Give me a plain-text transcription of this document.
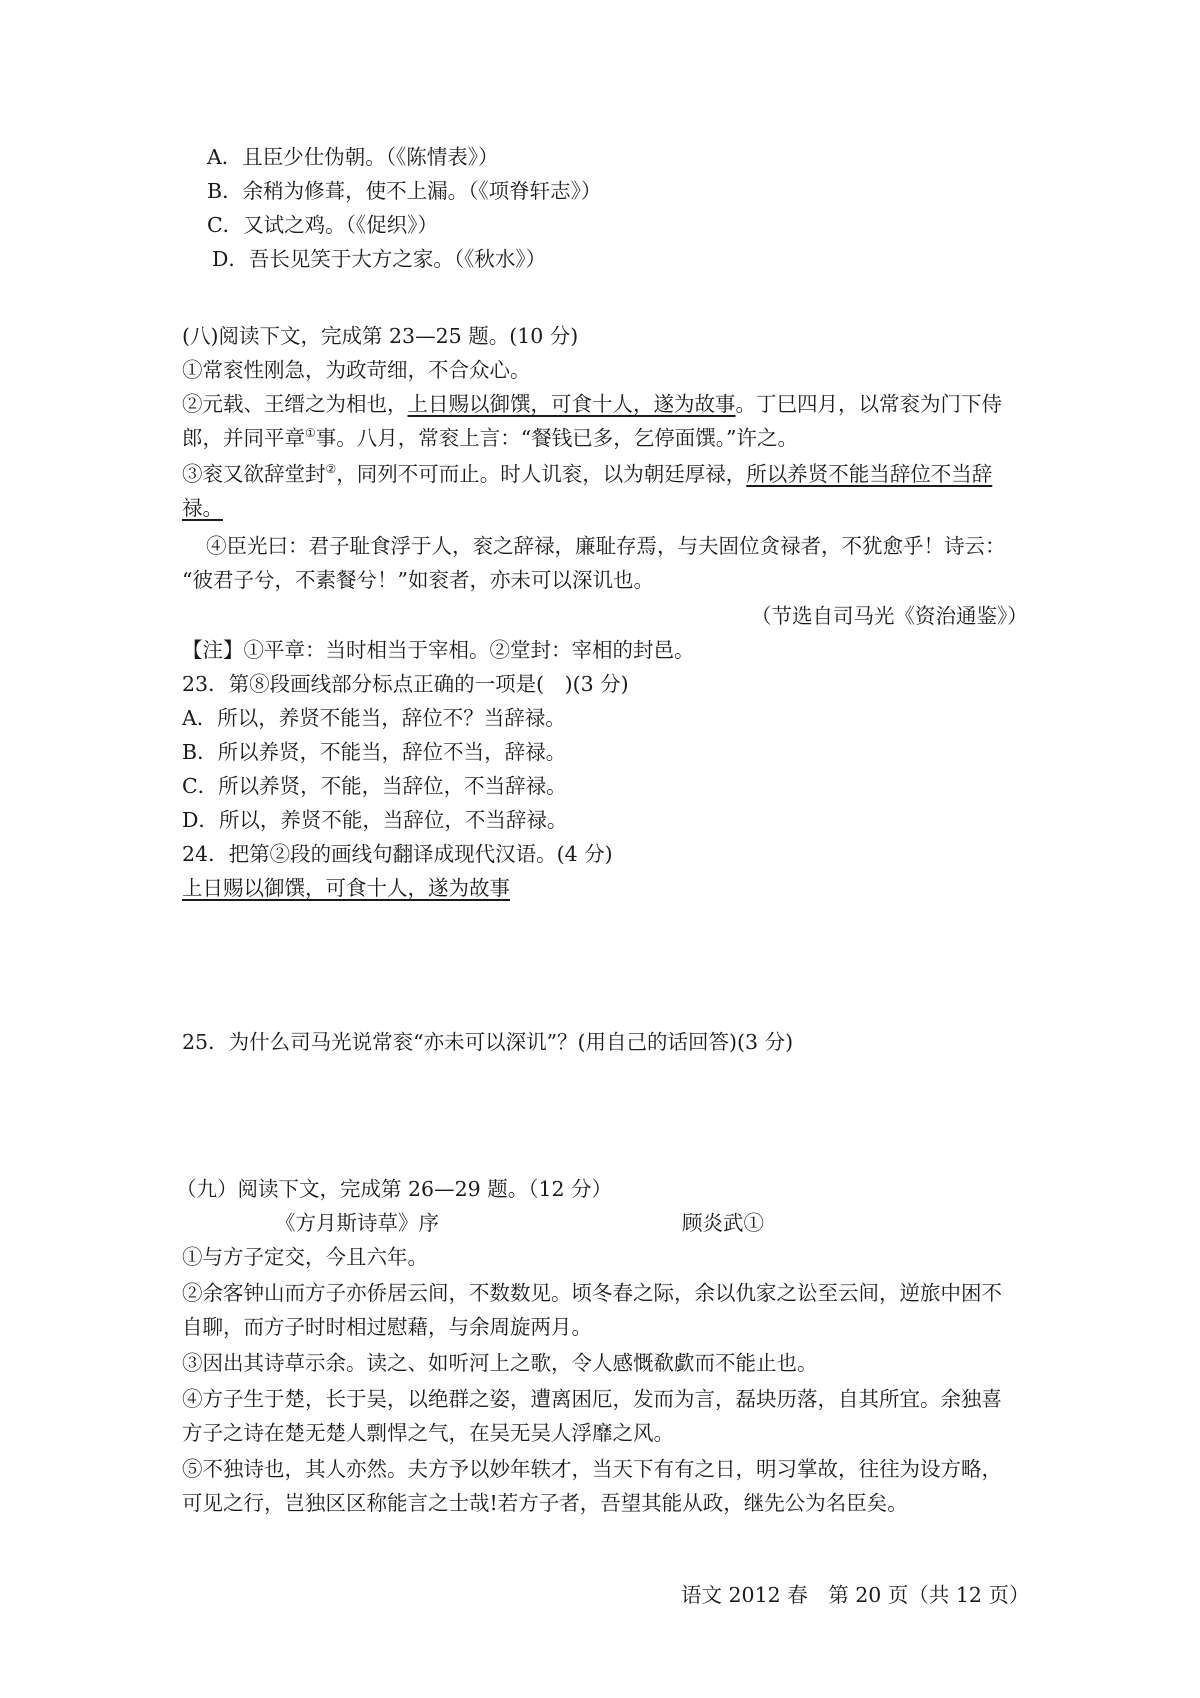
A．且臣少仕伪朝。（《陈情表》）
B．余稍为修葺，使不上漏。（《项脊轩志》）
C．又试之鸡。（《促织》）
D．吾长见笑于大方之家。（《秋水》）
(八)阅读下文，完成第 23—25 题。(10 分)
①常衮性刚急，为政苛细，不合众心。
②元载、王缙之为相也，上日赐以御馔，可食十人，遂为故事。丁巳四月，以常衮为门下侍
郎，并同平章①事。八月，常衮上言：“餐钱已多，乞停面馔。”许之。
③衮又欲辞堂封②，同列不可而止。时人讥衮，以为朝廷厚禄，所以养贤不能当辞位不当辞
禄。
④臣光曰：君子耻食浮于人，衮之辞禄，廉耻存焉，与夫固位贪禄者，不犹愈乎！诗云：
“彼君子兮，不素餐兮！”如衮者，亦未可以深讥也。
（节选自司马光《资治通鉴》）
【注】①平章：当时相当于宰相。②堂封：宰相的封邑。
23．第⑧段画线部分标点正确的一项是(　)(3 分)
A．所以，养贤不能当，辞位不？当辞禄。
B．所以养贤，不能当，辞位不当，辞禄。
C．所以养贤，不能，当辞位，不当辞禄。
D．所以，养贤不能，当辞位，不当辞禄。
24．把第②段的画线句翻译成现代汉语。(4 分)
上日赐以御馔，可食十人，遂为故事
25．为什么司马光说常衮“亦未可以深讥”？(用自己的话回答)(3 分)
（九）阅读下文，完成第 26—29 题。（12 分）
《方月斯诗草》序	顾炎武①
①与方子定交，今且六年。
②余客钟山而方子亦侨居云间，不数数见。顷冬春之际，余以仇家之讼至云间，逆旅中困不
自聊，而方子时时相过慰藉，与余周旋两月。
③因出其诗草示余。读之、如听河上之歌，令人感慨欷歔而不能止也。
④方子生于楚，长于吴，以绝群之姿，遭离困厄，发而为言，磊块历落，自其所宜。余独喜
方子之诗在楚无楚人剽悍之气，在吴无吴人浮靡之风。
⑤不独诗也，其人亦然。夫方予以妙年轶才，当天下有有之日，明习掌故，往往为设方略，
可见之行，岂独区区称能言之士哉!若方子者，吾望其能从政，继先公为名臣矣。
语文 2012 春　第 20 页（共 12 页）
